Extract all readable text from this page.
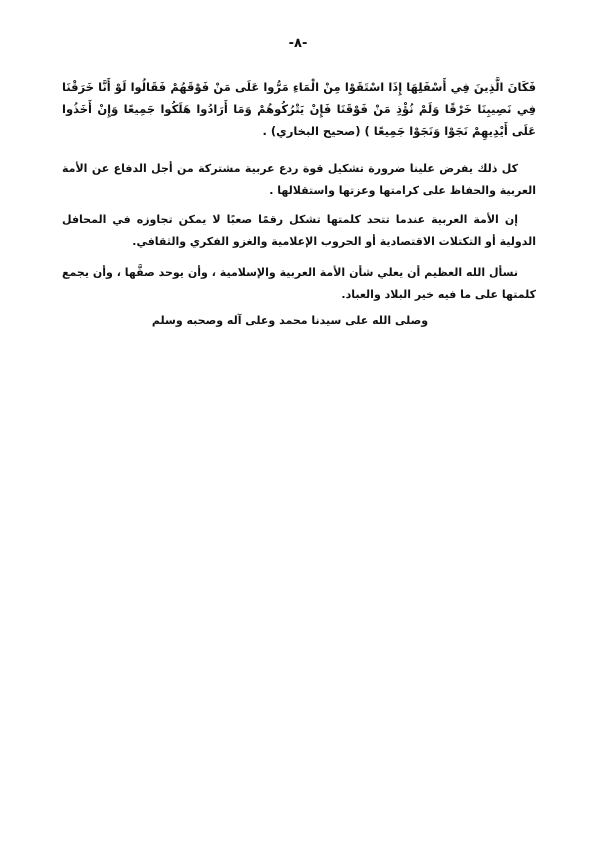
-٨-

فَكَانَ الَّذِينَ فِي أَسْفَلِهَا إِذَا اسْتَقَوْا مِنْ الْمَاءِ مَرُّوا عَلَى مَنْ فَوْقَهُمْ فَقَالُوا لَوْ أَنَّا خَرَقْنَا فِي نَصِيبِنَا خَرْقًا وَلَمْ نُؤْذِ مَنْ فَوْقَنَا فَإِنْ يَتْرُكُوهُمْ وَمَا أَرَادُوا هَلَكُوا جَمِيعًا وَإِنْ أَخَذُوا عَلَى أَيْدِيهِمْ نَجَوْا وَنَجَوْا جَمِيعًا ) (صحيح البخاري) .

كل ذلك يفرض علينا ضرورة تشكيل قوة ردع عربية مشتركة من أجل الدفاع عن الأمة العربية والحفاظ على كرامتها وعزتها واستقلالها .

إن الأمة العربية عندما تتحد كلمتها تشكل رقمًا صعبًا لا يمكن تجاوزه في المحافل الدولية أو التكتلات الاقتصادية أو الحروب الإعلامية والغزو الفكري والثقافي.

نسأل الله العظيم أن يعلي شأن الأمة العربية والإسلامية ، وأن يوحد صفَّها ، وأن يجمع كلمتها على ما فيه خير البلاد والعباد.

وصلى الله على سيدنا محمد وعلى آله وصحبه وسلم
